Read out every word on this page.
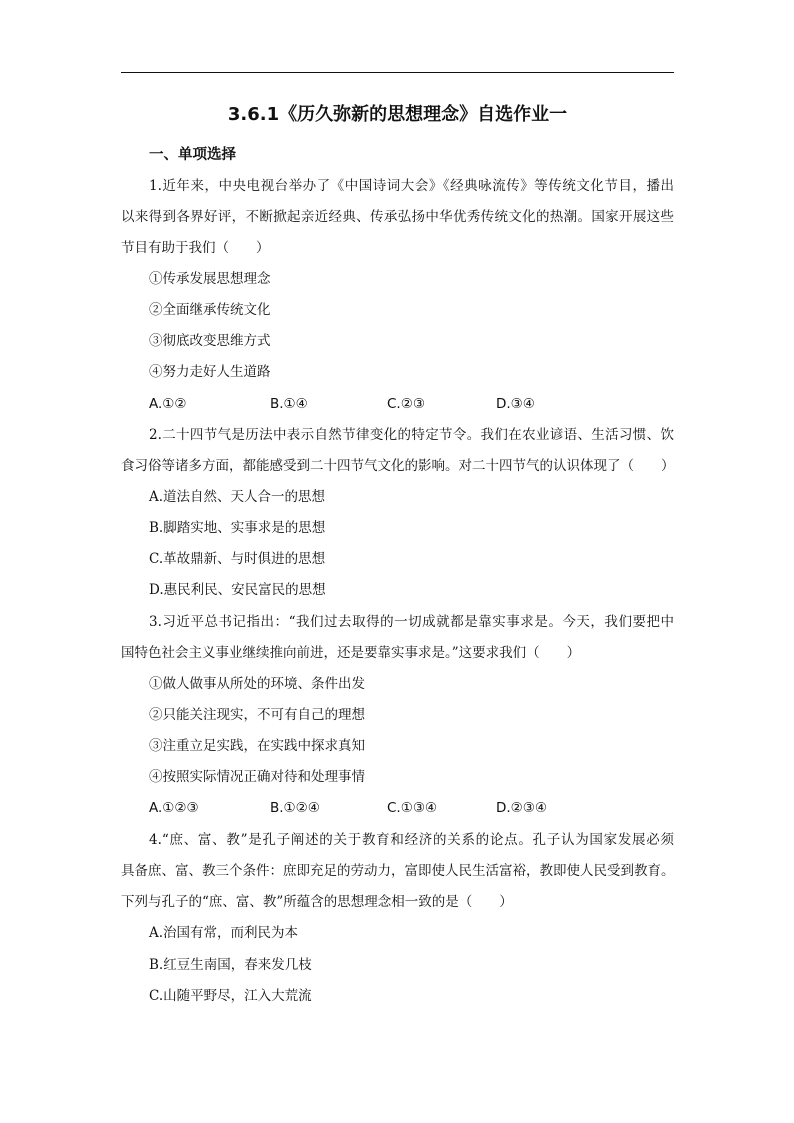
3.6.1《历久弥新的思想理念》自选作业一
一、单项选择
1.近年来，中央电视台举办了《中国诗词大会》《经典咏流传》等传统文化节目，播出
以来得到各界好评，不断掀起亲近经典、传承弘扬中华优秀传统文化的热潮。国家开展这些
节目有助于我们（　　）
①传承发展思想理念
②全面继承传统文化
③彻底改变思维方式
④努力走好人生道路
A.①②	B.①④	C.②③	D.③④
2.二十四节气是历法中表示自然节律变化的特定节令。我们在农业谚语、生活习惯、饮
食习俗等诸多方面，都能感受到二十四节气文化的影响。对二十四节气的认识体现了（　　）
A.道法自然、天人合一的思想
B.脚踏实地、实事求是的思想
C.革故鼎新、与时俱进的思想
D.惠民利民、安民富民的思想
3.习近平总书记指出：“我们过去取得的一切成就都是靠实事求是。今天，我们要把中
国特色社会主义事业继续推向前进，还是要靠实事求是。”这要求我们（　　）
①做人做事从所处的环境、条件出发
②只能关注现实，不可有自己的理想
③注重立足实践，在实践中探求真知
④按照实际情况正确对待和处理事情
A.①②③	B.①②④	C.①③④	D.②③④
4.“庶、富、教”是孔子阐述的关于教育和经济的关系的论点。孔子认为国家发展必须
具备庶、富、教三个条件：庶即充足的劳动力，富即使人民生活富裕，教即使人民受到教育。
下列与孔子的“庶、富、教”所蕴含的思想理念相一致的是（　　）
A.治国有常，而利民为本
B.红豆生南国，春来发几枝
C.山随平野尽，江入大荒流
